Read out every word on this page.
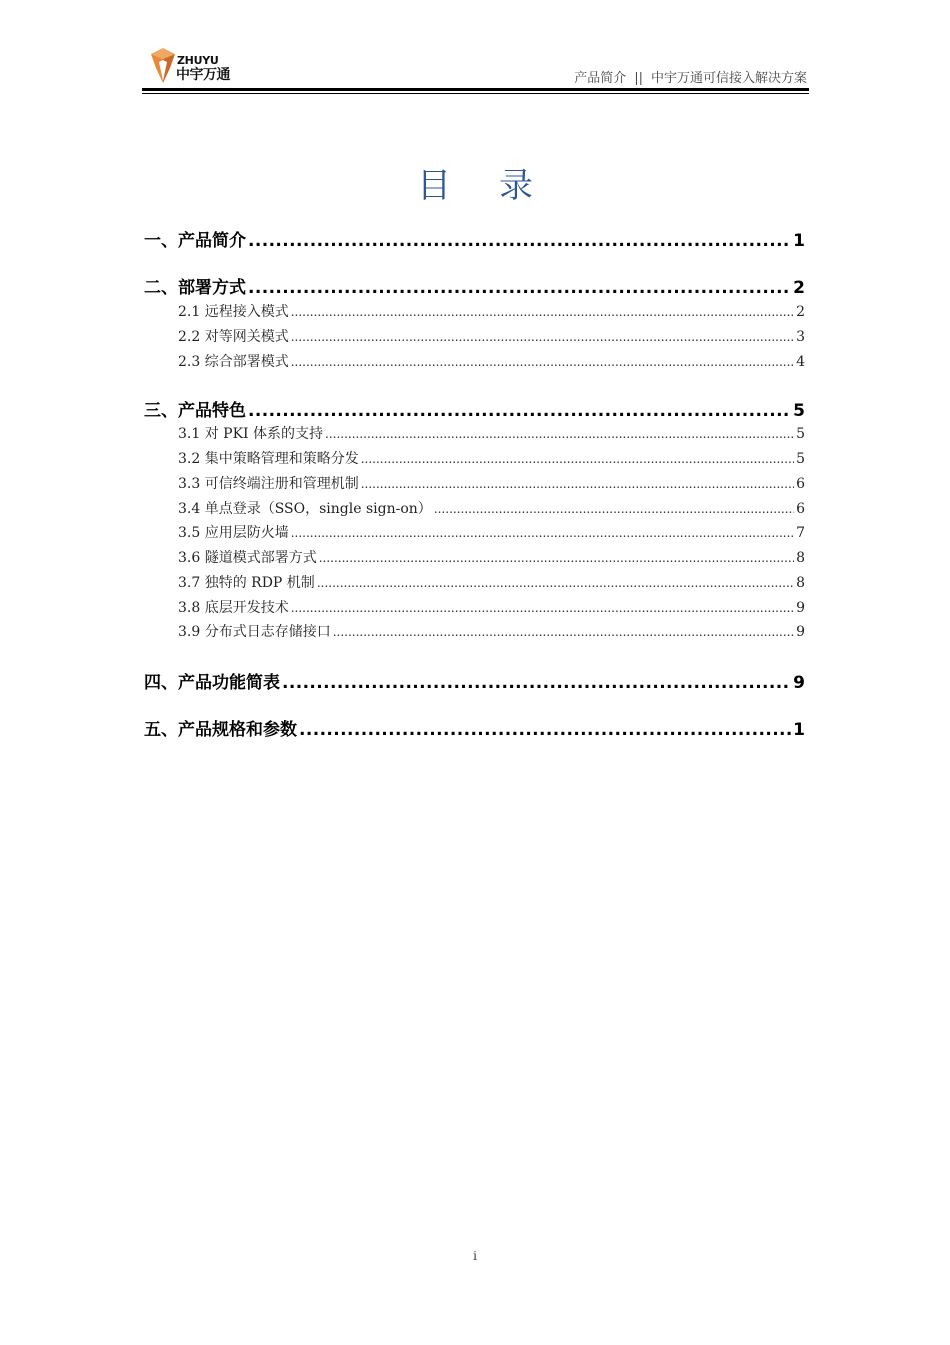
ZHUYU
中宇万通	产品简介 || 中宇万通可信接入解决方案
目录
一、产品简介 .....	1
二、部署方式 .....	2
2.1 远程接入模式 .....	2
2.2 对等网关模式 .....	3
2.3 综合部署模式 .....	4
三、产品特色 .....	5
3.1 对 PKI 体系的支持 .....	5
3.2 集中策略管理和策略分发 .....	5
3.3 可信终端注册和管理机制 .....	6
3.4 单点登录（SSO，single sign-on） .....	6
3.5 应用层防火墙 .....	7
3.6 隧道模式部署方式 .....	8
3.7 独特的 RDP 机制 .....	8
3.8 底层开发技术 .....	9
3.9 分布式日志存储接口 .....	9
四、产品功能简表 .....	9
五、产品规格和参数 .....	1
i
